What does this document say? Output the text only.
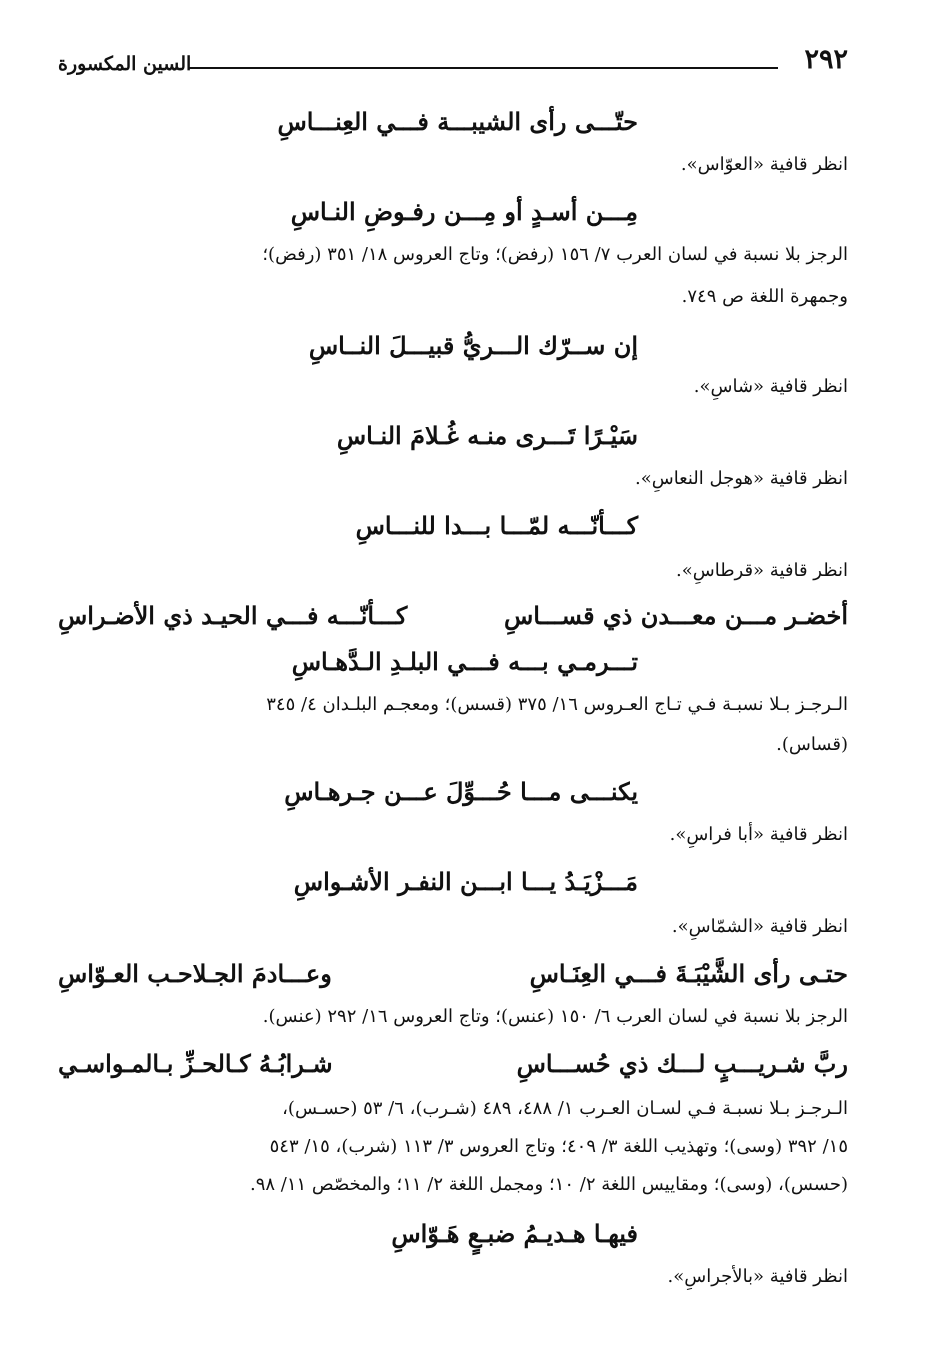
٢٩٢
السين المكسورة
حتّـــى رأى الشيبـــة فـــي العِنـــاسِ
انظر قافية «العوّاس».
مِـــن أسـدٍ أو مِـــن رفـوضِ النـاسِ
الرجز بلا نسبة في لسان العرب ٧/ ١٥٦ (رفض)؛ وتاج العروس ١٨/ ٣٥١ (رفض)؛
وجمهرة اللغة ص ٧٤٩.
إن ســرّك الـــريُّ قبيـــلَ النــاسِ
انظر قافية «شاسِ».
سَيْـرًا تَـــرى منـه غُـلامَ النـاسِ
انظر قافية «هوجل النعاسِ».
كـــأنّـــه لمّـــا بـــدا للنـــاسِ
انظر قافية «قرطاسِ».
أخضـر مـــن معـــدن ذي قســـاسِ
كـــأنّـــه فـــي الحيـد ذي الأضـراسِ
تـــرمـي بـــه فـــي البلـدِ الـدَّهـاسِ
الـرجـز بـلا نسبـة فـي تـاج العـروس ١٦/ ٣٧٥ (قسس)؛ ومعجـم البلـدان ٤/ ٣٤٥
(قساس).
يكنـــى مـــا حُـــوِّلَ عـــن جـرهـاسِ
انظر قافية «أبا فراسِ».
مَـــزْيَـدُ يـــا ابـــن النفـر الأشـواسِ
انظر قافية «الشمّاسِ».
حتـى رأى الشَّيْبَـةَ فـــي العِنَـاسِ
وعـــادمَ الجـلاحـب العـوّاسِ
الرجز بلا نسبة في لسان العرب ٦/ ١٥٠ (عنس)؛ وتاج العروس ١٦/ ٢٩٢ (عنس).
ربَّ شـريـــبٍ لـــك ذي حُســـاسِ
شـرابُـهُ كـالحـزِّ بـالمـواسـي
الـرجـز بـلا نسبـة فـي لسـان العـرب ١/ ٤٨٨، ٤٨٩ (شـرب)، ٦/ ٥٣ (حسـس)،
١٥/ ٣٩٢ (وسى)؛ وتهذيب اللغة ٣/ ٤٠٩؛ وتاج العروس ٣/ ١١٣ (شرب)، ١٥/ ٥٤٣
(حسس)، (وسى)؛ ومقاييس اللغة ٢/ ١٠؛ ومجمل اللغة ٢/ ١١؛ والمخصّص ١١/ ٩٨.
فيهـا هـديـمُ ضبـعٍ هَـوّاسِ
انظر قافية «بالأجراسِ».
